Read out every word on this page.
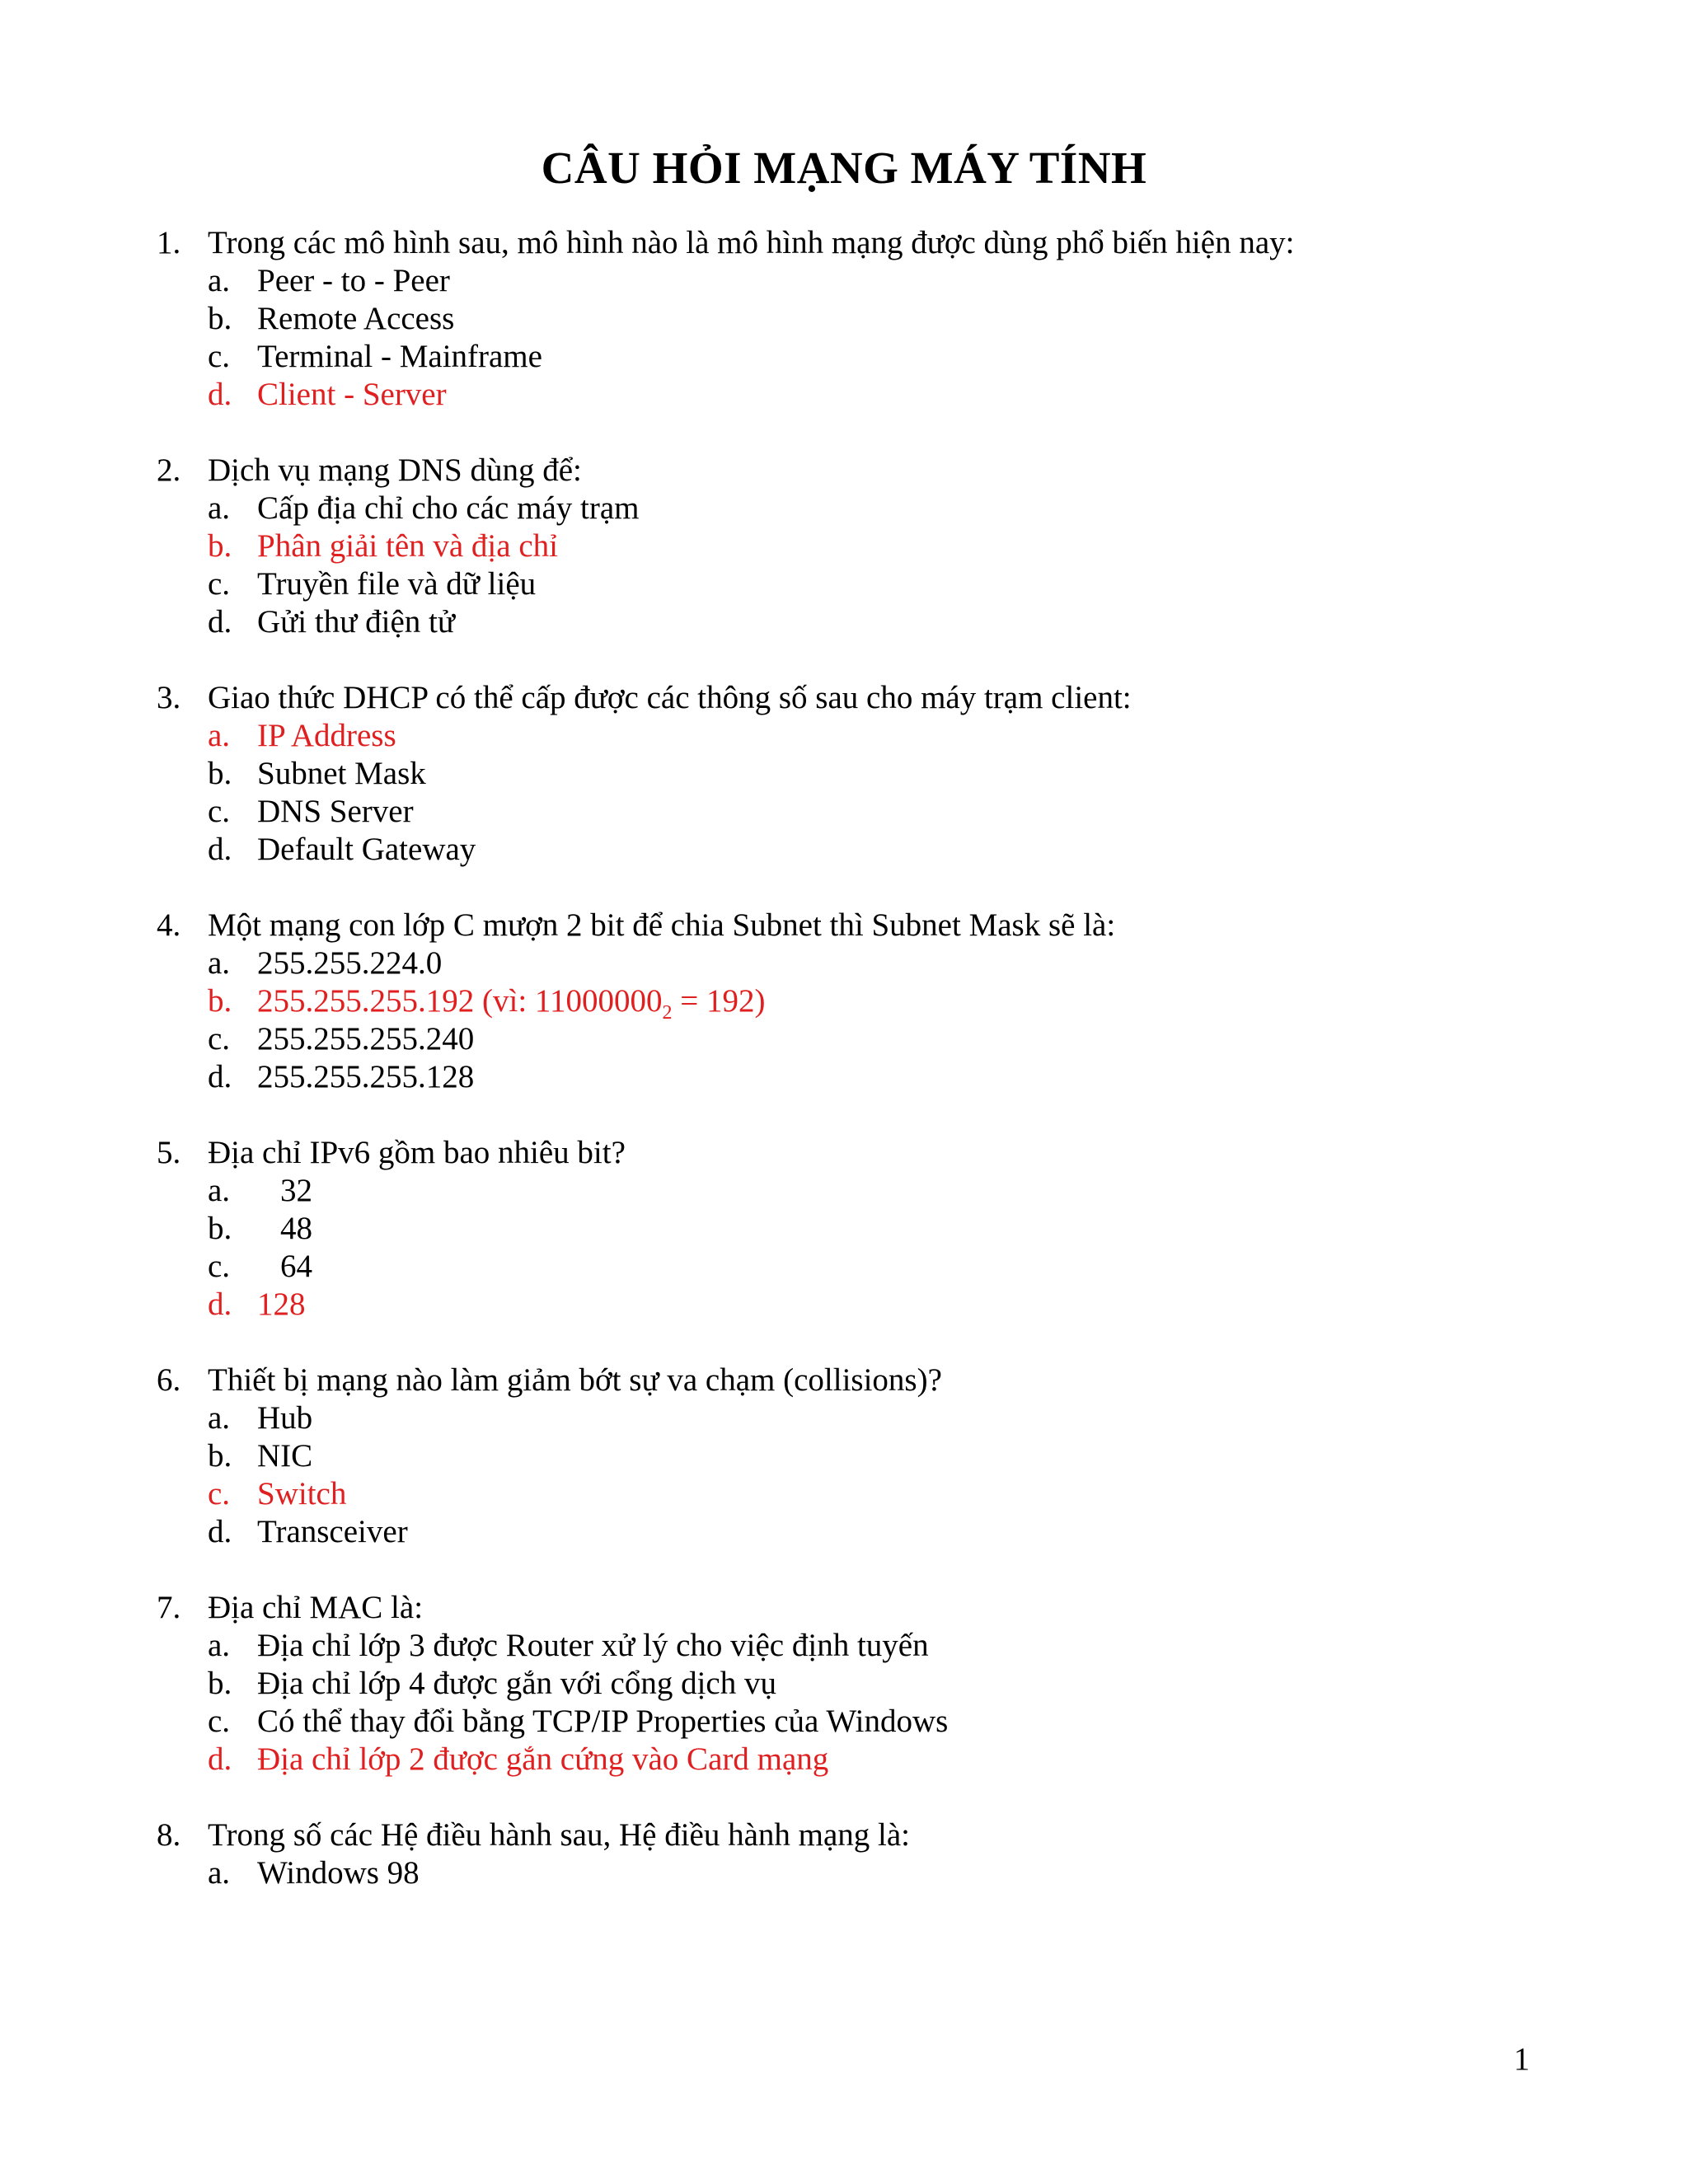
CÂU HỎI MẠNG MÁY TÍNH
1. Trong các mô hình sau, mô hình nào là mô hình mạng được dùng phổ biến hiện nay:
a. Peer - to - Peer
b. Remote Access
c. Terminal - Mainframe
d. Client - Server
2. Dịch vụ mạng DNS dùng để:
a. Cấp địa chỉ cho các máy trạm
b. Phân giải tên và địa chỉ
c. Truyền file và dữ liệu
d. Gửi thư điện tử
3. Giao thức DHCP có thể cấp được các thông số sau cho máy trạm client:
a. IP Address
b. Subnet Mask
c. DNS Server
d. Default Gateway
4. Một mạng con lớp C mượn 2 bit để chia Subnet thì Subnet Mask sẽ là:
a. 255.255.224.0
b. 255.255.255.192 (vì: $11000000_2 = 192$)
c. 255.255.255.240
d. 255.255.255.128
5. Địa chỉ IPv6 gồm bao nhiêu bit?
a.	32
b.	48
c.	64
d. 128
6. Thiết bị mạng nào làm giảm bớt sự va chạm (collisions)?
a. Hub
b. NIC
c. Switch
d. Transceiver
7. Địa chỉ MAC là:
a. Địa chỉ lớp 3 được Router xử lý cho việc định tuyến
b. Địa chỉ lớp 4 được gắn với cổng dịch vụ
c. Có thể thay đổi bằng TCP/IP Properties của Windows
d. Địa chỉ lớp 2 được gắn cứng vào Card mạng
8. Trong số các Hệ điều hành sau, Hệ điều hành mạng là:
a. Windows 98
1
